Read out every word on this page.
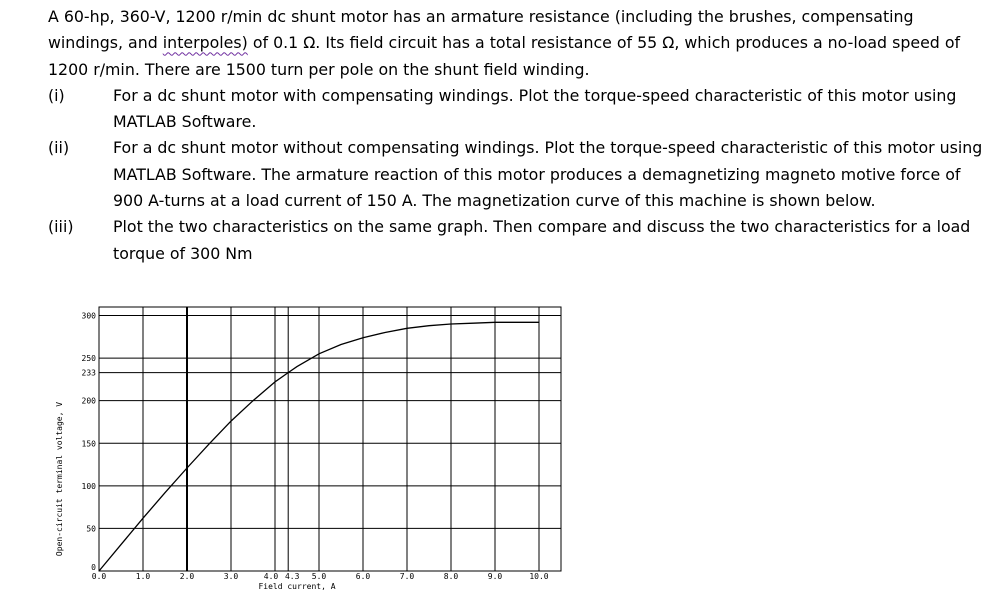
A 60-hp, 360-V, 1200 r/min dc shunt motor has an armature resistance (including the brushes, compensating windings, and interpoles) of 0.1 Ω. Its field circuit has a total resistance of 55 Ω, which produces a no-load speed of 1200 r/min. There are 1500 turn per pole on the shunt field winding.

(i)	For a dc shunt motor with compensating windings. Plot the torque-speed characteristic of this motor using MATLAB Software.
(ii)	For a dc shunt motor without compensating windings. Plot the torque-speed characteristic of this motor using MATLAB Software. The armature reaction of this motor produces a demagnetizing magneto motive force of 900 A-turns at a load current of 150 A. The magnetization curve of this machine is shown below.
(iii)	Plot the two characteristics on the same graph. Then compare and discuss the two characteristics for a load torque of 300 Nm
0.0	1.0	2.0	3.0	4.0 4.3 5.0	6.0	7.0	8.0	9.0	10.0
0
50
100
150
200
233
250
300
Field current, A
Open-circuit terminal voltage, V
